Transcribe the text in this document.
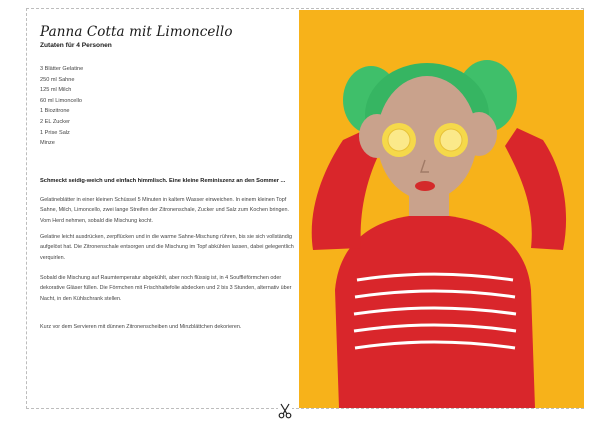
Panna Cotta mit Limoncello
Zutaten für 4 Personen
3 Blätter Gelatine
250 ml Sahne
125 ml Milch
60 ml Limoncello
1 Biozitrone
2 EL Zucker
1 Prise Salz
Minze
Schmeckt seidig-weich und einfach himmlisch. Eine kleine Reminiszenz an den Sommer ...

Gelatineblätter in einer kleinen Schüssel 5 Minuten in kaltem Wasser einweichen. In einem kleinen Topf Sahne, Milch, Limoncello, zwei lange Streifen der Zitronenschale, Zucker und Salz zum Kochen bringen. Vom Herd nehmen, sobald die Mischung kocht.

Gelatine leicht ausdrücken, zerpflücken und in die warme Sahne-Mischung rühren, bis sie sich vollständig aufgelöst hat. Die Zitronenschale entsorgen und die Mischung im Topf abkühlen lassen, dabei gelegentlich verquirlen.

Sobald die Mischung auf Raumtemperatur abgekühlt, aber noch flüssig ist, in 4 Souffléförmchen oder dekorative Gläser füllen. Die Förmchen mit Frischhaltefolie abdecken und 2 bis 3 Stunden, alternativ über Nacht, in den Kühlschrank stellen.

Kurz vor dem Servieren mit dünnen Zitronenscheiben und Minzblättchen dekorieren.
